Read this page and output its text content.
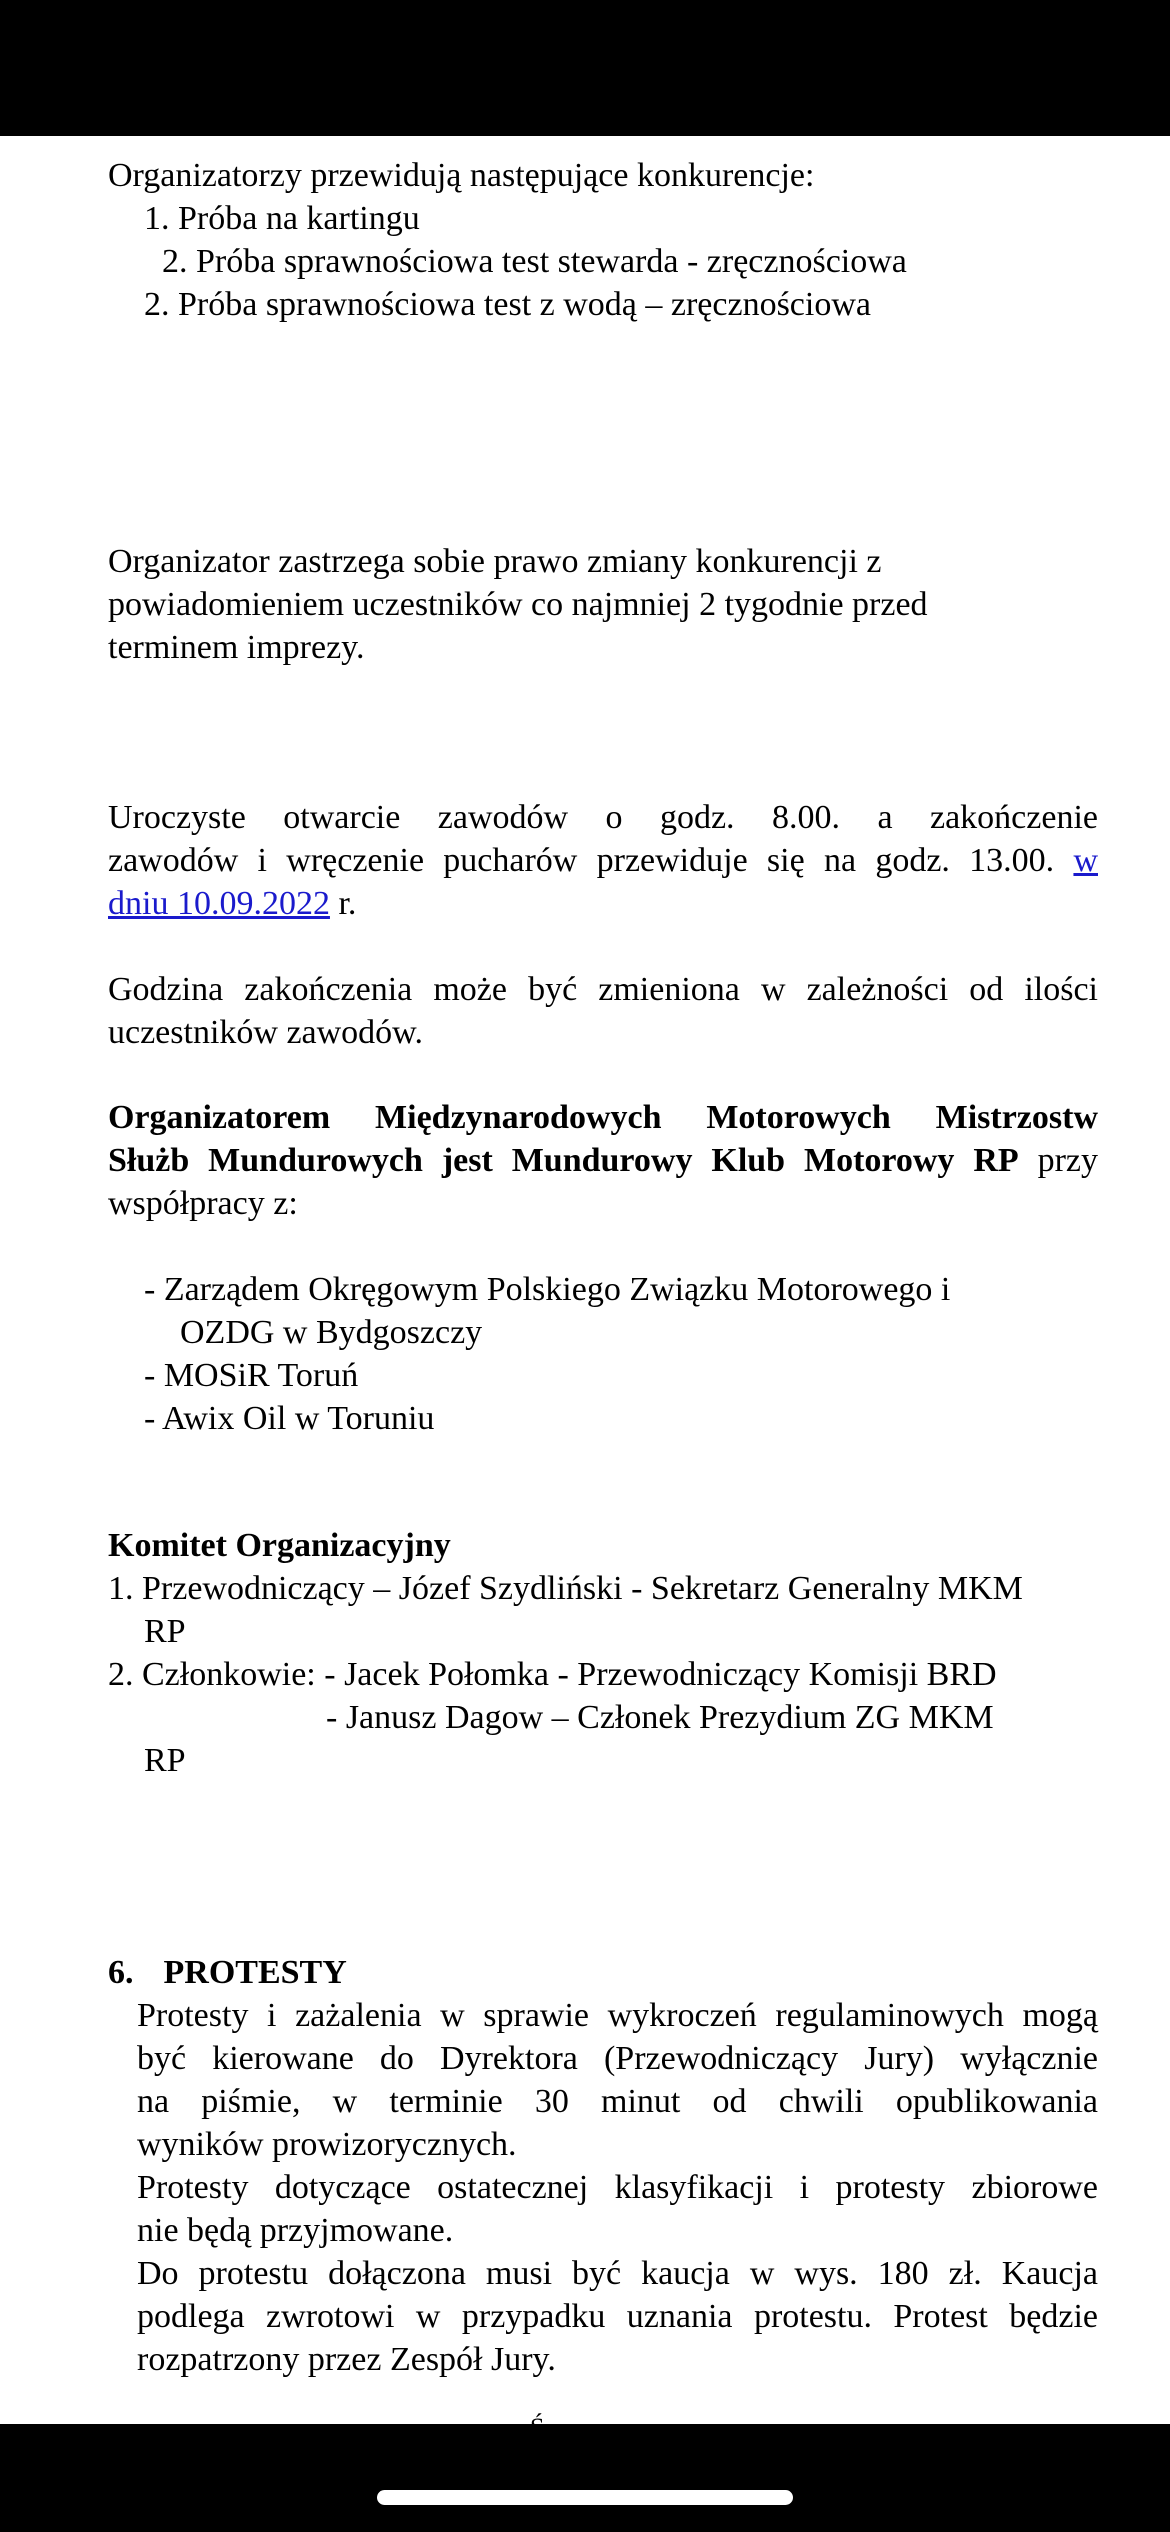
Organizatorzy przewidują następujące konkurencje:
1. Próba na kartingu
2. Próba sprawnościowa test stewarda - zręcznościowa
2. Próba sprawnościowa test z wodą – zręcznościowa
Organizator zastrzega sobie prawo zmiany konkurencji z
powiadomieniem uczestników co najmniej 2 tygodnie przed
terminem imprezy.
Uroczyste otwarcie zawodów o godz. 8.00. a zakończenie
zawodów i wręczenie pucharów przewiduje się na godz. 13.00. w
dniu 10.09.2022 r.
Godzina zakończenia może być zmieniona w zależności od ilości
uczestników zawodów.
Organizatorem Międzynarodowych Motorowych Mistrzostw
Służb Mundurowych jest Mundurowy Klub Motorowy RP przy
współpracy z:
- Zarządem Okręgowym Polskiego Związku Motorowego i
OZDG w Bydgoszczy
- MOSiR Toruń
- Awix Oil w Toruniu
Komitet Organizacyjny
1. Przewodniczący – Józef Szydliński - Sekretarz Generalny MKM
RP
2. Członkowie: - Jacek Połomka - Przewodniczący Komisji BRD
- Janusz Dagow – Członek Prezydium ZG MKM
RP
6. PROTESTY
Protesty i zażalenia w sprawie wykroczeń regulaminowych mogą
być kierowane do Dyrektora (Przewodniczący Jury) wyłącznie
na piśmie, w terminie 30 minut od chwili opublikowania
wyników prowizorycznych.
Protesty dotyczące ostatecznej klasyfikacji i protesty zbiorowe
nie będą przyjmowane.
Do protestu dołączona musi być kaucja w wys. 180 zł. Kaucja
podlega zwrotowi w przypadku uznania protestu. Protest będzie
rozpatrzony przez Zespół Jury.
